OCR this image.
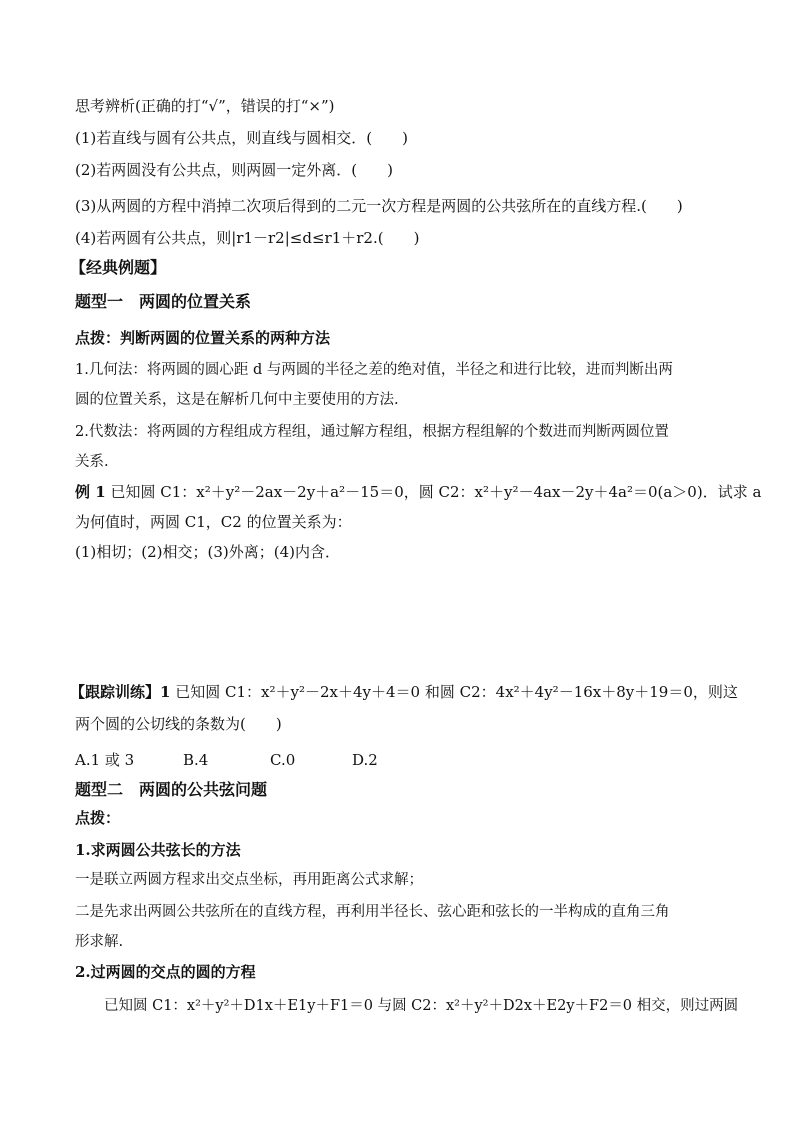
思考辨析(正确的打“√”，错误的打“×”)
(1)若直线与圆有公共点，则直线与圆相交．(　　)
(2)若两圆没有公共点，则两圆一定外离．(　　)
(3)从两圆的方程中消掉二次项后得到的二元一次方程是两圆的公共弦所在的直线方程.(　　)
(4)若两圆有公共点，则|r1－r2|≤d≤r1＋r2.(　　)
【经典例题】
题型一　两圆的位置关系
点拨：判断两圆的位置关系的两种方法
1.几何法：将两圆的圆心距 d 与两圆的半径之差的绝对值，半径之和进行比较，进而判断出两
圆的位置关系，这是在解析几何中主要使用的方法.
2.代数法：将两圆的方程组成方程组，通过解方程组，根据方程组解的个数进而判断两圆位置
关系.
例 1 已知圆 C1：x²＋y²－2ax－2y＋a²－15＝0，圆 C2：x²＋y²－4ax－2y＋4a²＝0(a＞0)．试求 a
为何值时，两圆 C1，C2 的位置关系为：
(1)相切；(2)相交；(3)外离；(4)内含．
【跟踪训练】1 已知圆 C1：x²＋y²－2x＋4y＋4＝0 和圆 C2：4x²＋4y²－16x＋8y＋19＝0，则这
两个圆的公切线的条数为(　　)
A.1 或 3	B.4	C.0	D.2
题型二　两圆的公共弦问题
点拨：
1.求两圆公共弦长的方法
一是联立两圆方程求出交点坐标，再用距离公式求解；
二是先求出两圆公共弦所在的直线方程，再利用半径长、弦心距和弦长的一半构成的直角三角
形求解.
2.过两圆的交点的圆的方程
已知圆 C1：x²＋y²＋D1x＋E1y＋F1＝0 与圆 C2：x²＋y²＋D2x＋E2y＋F2＝0 相交，则过两圆
